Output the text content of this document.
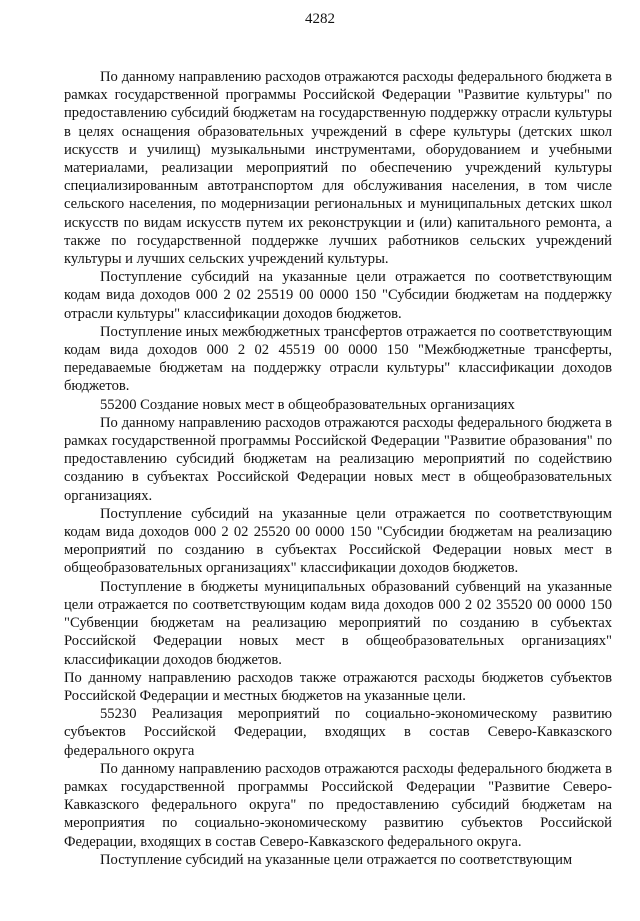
4282

По данному направлению расходов отражаются расходы федерального бюджета в рамках государственной программы Российской Федерации "Развитие культуры" по предоставлению субсидий бюджетам на государственную поддержку отрасли культуры в целях оснащения образовательных учреждений в сфере культуры (детских школ искусств и училищ) музыкальными инструментами, оборудованием и учебными материалами, реализации мероприятий по обеспечению учреждений культуры специализированным автотранспортом для обслуживания населения, в том числе сельского населения, по модернизации региональных и муниципальных детских школ искусств по видам искусств путем их реконструкции и (или) капитального ремонта, а также по государственной поддержке лучших работников сельских учреждений культуры и лучших сельских учреждений культуры.

Поступление субсидий на указанные цели отражается по соответствующим кодам вида доходов 000 2 02 25519 00 0000 150 "Субсидии бюджетам на поддержку отрасли культуры" классификации доходов бюджетов.

Поступление иных межбюджетных трансфертов отражается по соответствующим кодам вида доходов 000 2 02 45519 00 0000 150 "Межбюджетные трансферты, передаваемые бюджетам на поддержку отрасли культуры" классификации доходов бюджетов.

55200 Создание новых мест в общеобразовательных организациях

По данному направлению расходов отражаются расходы федерального бюджета в рамках государственной программы Российской Федерации "Развитие образования" по предоставлению субсидий бюджетам на реализацию мероприятий по содействию созданию в субъектах Российской Федерации новых мест в общеобразовательных организациях.

Поступление субсидий на указанные цели отражается по соответствующим кодам вида доходов 000 2 02 25520 00 0000 150 "Субсидии бюджетам на реализацию мероприятий по созданию в субъектах Российской Федерации новых мест в общеобразовательных организациях" классификации доходов бюджетов.

Поступление в бюджеты муниципальных образований субвенций на указанные цели отражается по соответствующим кодам вида доходов 000 2 02 35520 00 0000 150 "Субвенции бюджетам на реализацию мероприятий по созданию в субъектах Российской Федерации новых мест в общеобразовательных организациях" классификации доходов бюджетов.

По данному направлению расходов также отражаются расходы бюджетов субъектов Российской Федерации и местных бюджетов на указанные цели.

55230 Реализация мероприятий по социально-экономическому развитию субъектов Российской Федерации, входящих в состав Северо-Кавказского федерального округа

По данному направлению расходов отражаются расходы федерального бюджета в рамках государственной программы Российской Федерации "Развитие Северо-Кавказского федерального округа" по предоставлению субсидий бюджетам на мероприятия по социально-экономическому развитию субъектов Российской Федерации, входящих в состав Северо-Кавказского федерального округа.

Поступление субсидий на указанные цели отражается по соответствующим
